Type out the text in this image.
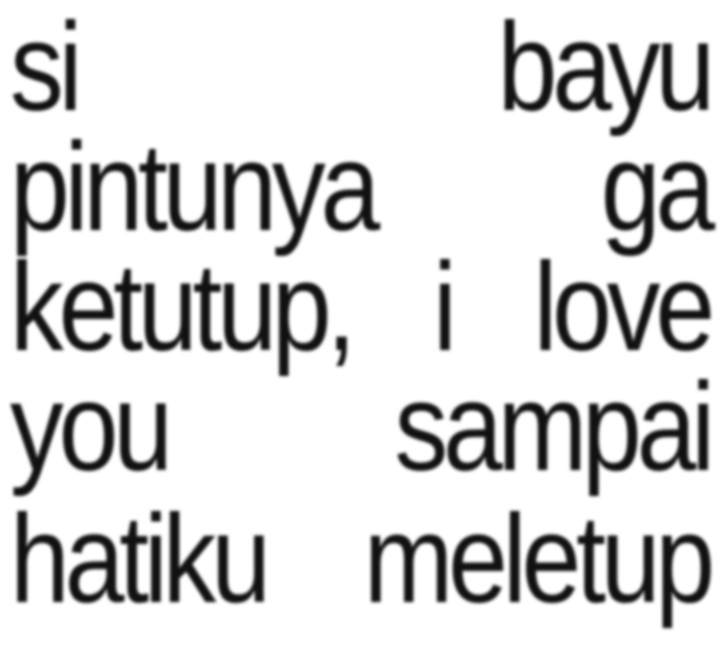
si	bayu
pintunya ga
ketutup, i love
you sampai
hatiku meletup
